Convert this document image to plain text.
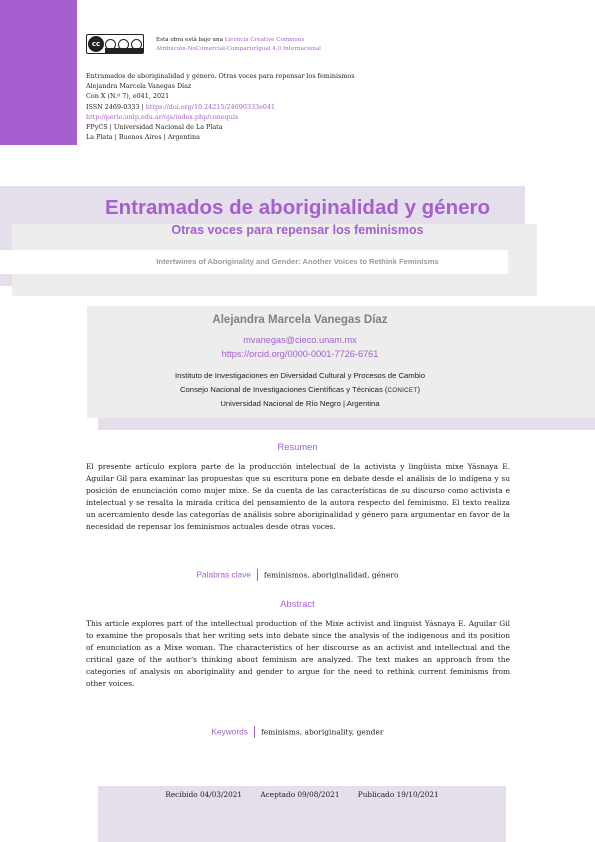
cc	Esta obra está bajo una Licencia Creative Commons
Atribución-NoComercial-CompartirIgual 4.0 Internacional
Entramados de aboriginalidad y género. Otras voces para repensar los feminismos
Alejandra Marcela Vanegas Díaz
Con X (N.º 7), e041, 2021
ISSN 2469-0333 | https://doi.org/10.24215/24690333e041
http://perio.unlp.edu.ar/ojs/index.php/conequis
FPyCS | Universidad Nacional de La Plata
La Plata | Buenos Aires | Argentina
Entramados de aboriginalidad y género
Otras voces para repensar los feminismos
Intertwines of Aboriginality and Gender: Another Voices to Rethink Feminisms
Alejandra Marcela Vanegas Díaz
mvanegas@cieco.unam.mx
https://orcid.org/0000-0001-7726-6761
Instituto de Investigaciones en Diversidad Cultural y Procesos de Cambio
Consejo Nacional de Investigaciones Científicas y Técnicas (CONICET)
Universidad Nacional de Río Negro | Argentina
Resumen
El presente artículo explora parte de la producción intelectual de la activista y lingüista mixe Yásnaya E. Aguilar Gil para examinar las propuestas que su escritura pone en debate desde el análisis de lo indígena y su posición de enunciación como mujer mixe. Se da cuenta de las características de su discurso como activista e intelectual y se resalta la mirada crítica del pensamiento de la autora respecto del feminismo. El texto realiza un acercamiento desde las categorías de análisis sobre aboriginalidad y género para argumentar en favor de la necesidad de repensar los feminismos actuales desde otras voces.
Palabras clave feminismos, aboriginalidad, género
Abstract
This article explores part of the intellectual production of the Mixe activist and linguist Yásnaya E. Aguilar Gil to examine the proposals that her writing sets into debate since the analysis of the indigenous and its position of enunciation as a Mixe woman. The characteristics of her discourse as an activist and intellectual and the critical gaze of the author's thinking about feminism are analyzed. The text makes an approach from the categories of analysis on aboriginality and gender to argue for the need to rethink current feminisms from other voices.
Keywords feminisms, aboriginality, gender
Recibido 04/03/2021	Aceptado 09/08/2021	Publicado 19/10/2021
